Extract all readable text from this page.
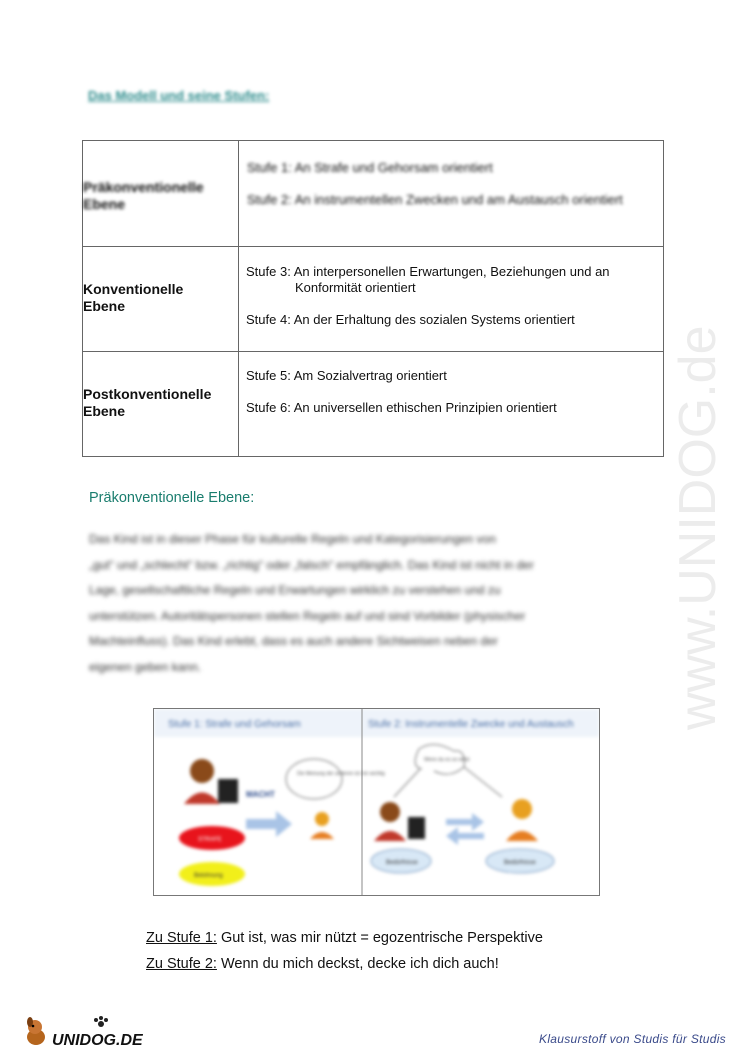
www.UNIDOG.de
Das Modell und seine Stufen:
Präkonventionelle Ebene	Stufe 1: An Strafe und Gehorsam orientiert
Stufe 2: An instrumentellen Zwecken und am Austausch orientiert

Konventionelle Ebene	Stufe 3: An interpersonellen Erwartungen, Beziehungen und an
Konformität orientiert
Stufe 4: An der Erhaltung des sozialen Systems orientiert

Postkonventionelle Ebene	Stufe 5: Am Sozialvertrag orientiert
Stufe 6: An universellen ethischen Prinzipien orientiert
Präkonventionelle Ebene:
Das Kind ist in dieser Phase für kulturelle Regeln und Kategorisierungen von
„gut“ und „schlecht“ bzw. „richtig“ oder „falsch“ empfänglich. Das Kind ist nicht in der
Lage, gesellschaftliche Regeln und Erwartungen wirklich zu verstehen und zu
unterstützen. Autoritätspersonen stellen Regeln auf und sind Vorbilder (physischer
Machteinfluss). Das Kind erlebt, dass es auch andere Sichtweisen neben der
eigenen geben kann.
Stufe 1: Strafe und Gehorsam	Stufe 2: Instrumentelle Zwecke und Austausch
MACHT
Die Meinung der anderen ist mir wichtig
STRAFE
Belohnung
Wenn du es so willst
Bedürfnisse	Bedürfnisse
Zu Stufe 1: Gut ist, was mir nützt = egozentrische Perspektive
Zu Stufe 2: Wenn du mich deckst, decke ich dich auch!
UNIDOG.DE	Klausurstoff von Studis für Studis
